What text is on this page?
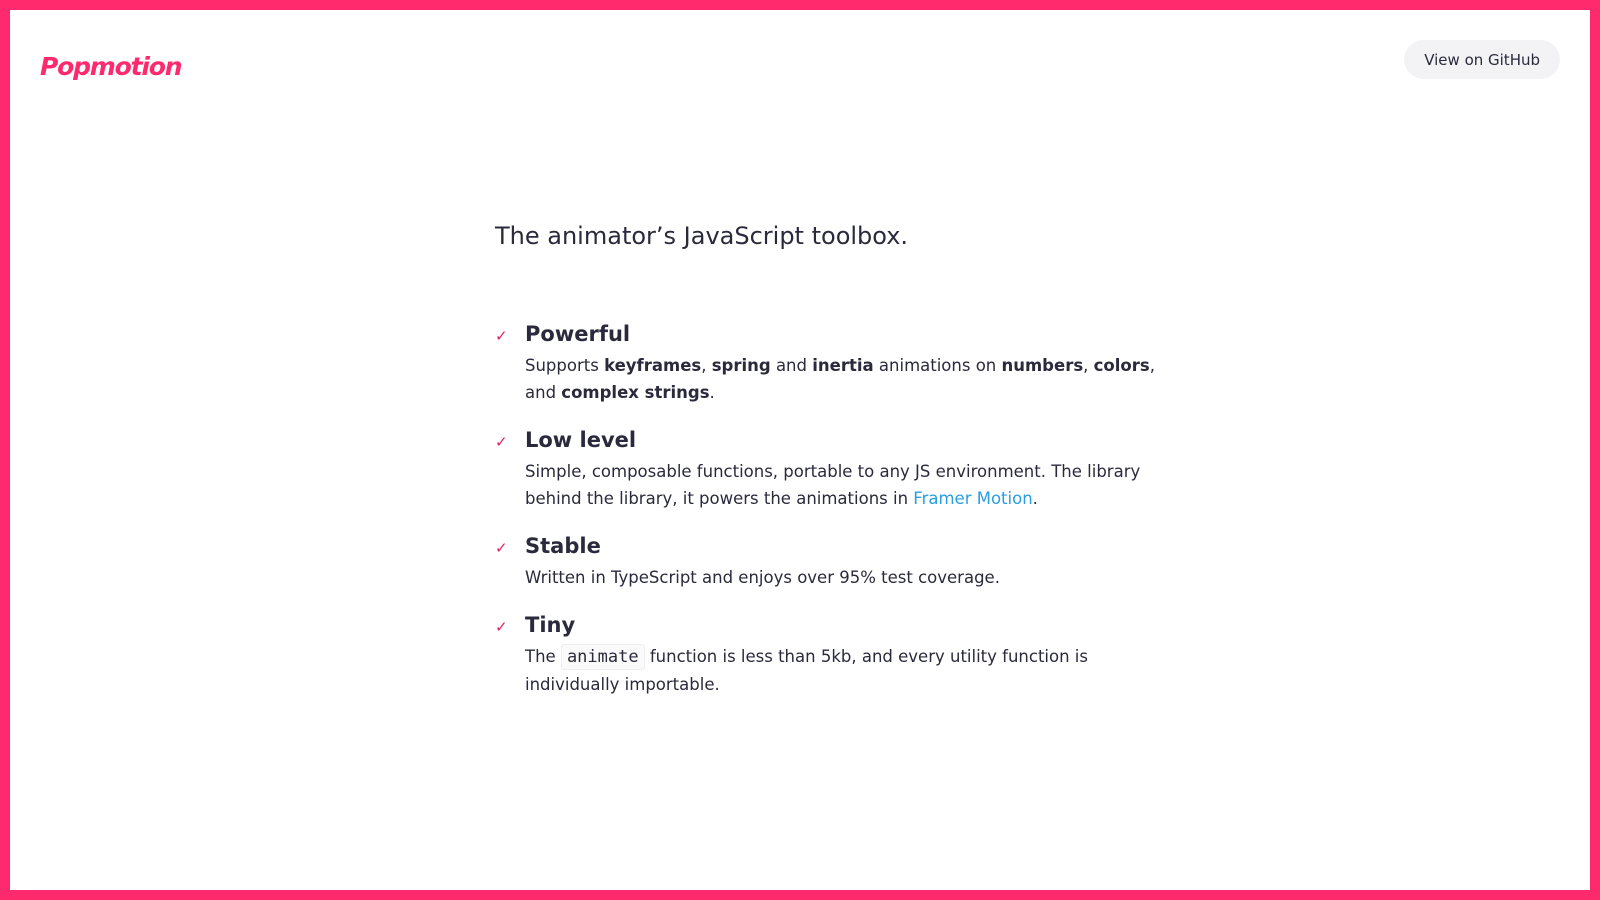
Popmotion	View on GitHub
The animator’s JavaScript toolbox.
✓ Powerful

Supports keyframes, spring and inertia animations on numbers, colors, and complex strings.

✓ Low level

Simple, composable functions, portable to any JS environment. The library behind the library, it powers the animations in Framer Motion.

✓ Stable

Written in TypeScript and enjoys over 95% test coverage.

✓ Tiny

The animate function is less than 5kb, and every utility function is individually importable.
